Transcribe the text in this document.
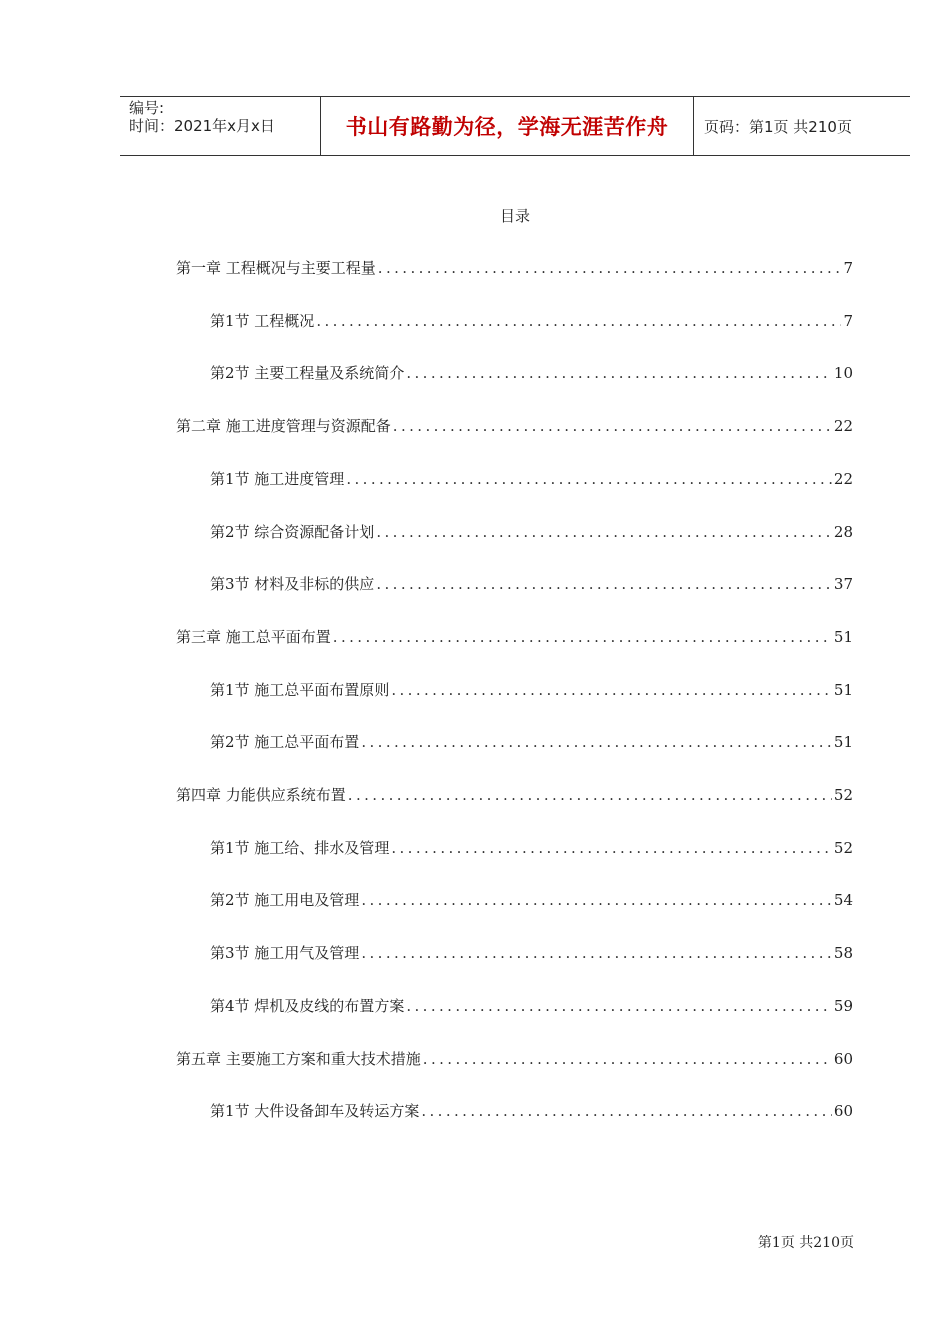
编号:
时间：2021年x月x日	书山有路勤为径，学海无涯苦作舟	页码：第1页 共210页
目录
第一章 工程概况与主要工程量 .....	7
第1节 工程概况 .....	7
第2节 主要工程量及系统简介 .....	10
第二章 施工进度管理与资源配备 .....	22
第1节 施工进度管理 .....	22
第2节 综合资源配备计划 .....	28
第3节 材料及非标的供应 .....	37
第三章 施工总平面布置 .....	51
第1节 施工总平面布置原则 .....	51
第2节 施工总平面布置 .....	51
第四章 力能供应系统布置 .....	52
第1节 施工给、排水及管理 .....	52
第2节 施工用电及管理 .....	54
第3节 施工用气及管理 .....	58
第4节 焊机及皮线的布置方案 .....	59
第五章 主要施工方案和重大技术措施 .....	60
第1节 大件设备卸车及转运方案 .....	60
第1页 共210页
